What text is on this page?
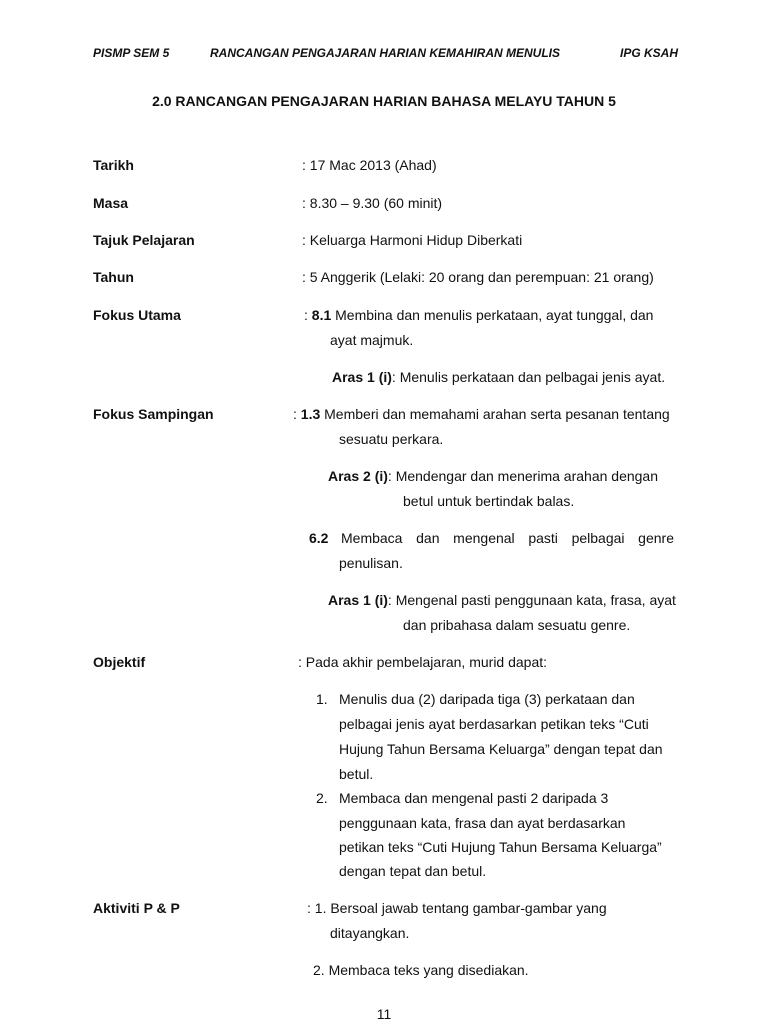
PISMP SEM 5	RANCANGAN PENGAJARAN HARIAN KEMAHIRAN MENULIS	IPG KSAH
2.0 RANCANGAN PENGAJARAN HARIAN BAHASA MELAYU TAHUN 5
Tarikh	: 17 Mac 2013 (Ahad)
Masa	: 8.30 – 9.30 (60 minit)
Tajuk Pelajaran	: Keluarga Harmoni Hidup Diberkati
Tahun	: 5 Anggerik (Lelaki: 20 orang dan perempuan: 21 orang)
Fokus Utama	: 8.1 Membina dan menulis perkataan, ayat tunggal, dan
ayat majmuk.
Aras 1 (i): Menulis perkataan dan pelbagai jenis ayat.
Fokus Sampingan	: 1.3 Memberi dan memahami arahan serta pesanan tentang
sesuatu perkara.
Aras 2 (i): Mendengar dan menerima arahan dengan
betul untuk bertindak balas.
6.2 Membaca dan mengenal pasti pelbagai genre
penulisan.
Aras 1 (i): Mengenal pasti penggunaan kata, frasa, ayat
dan pribahasa dalam sesuatu genre.
Objektif	: Pada akhir pembelajaran, murid dapat:
1. Menulis dua (2) daripada tiga (3) perkataan dan
pelbagai jenis ayat berdasarkan petikan teks “Cuti
Hujung Tahun Bersama Keluarga” dengan tepat dan
betul.
2. Membaca dan mengenal pasti 2 daripada 3
penggunaan kata, frasa dan ayat berdasarkan
petikan teks “Cuti Hujung Tahun Bersama Keluarga”
dengan tepat dan betul.
Aktiviti P & P	: 1. Bersoal jawab tentang gambar-gambar yang
ditayangkan.
2. Membaca teks yang disediakan.
11
